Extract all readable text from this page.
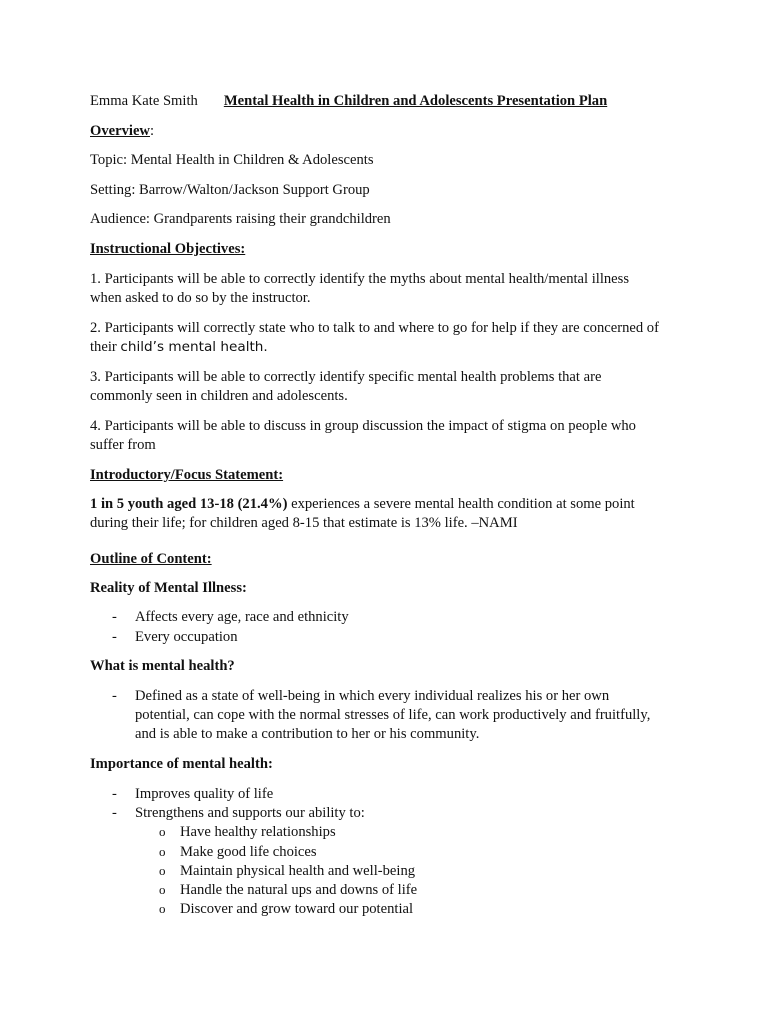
Emma Kate Smith Mental Health in Children and Adolescents Presentation Plan
Overview:
Topic: Mental Health in Children & Adolescents
Setting: Barrow/Walton/Jackson Support Group
Audience: Grandparents raising their grandchildren
Instructional Objectives:
1. Participants will be able to correctly identify the myths about mental health/mental illness
when asked to do so by the instructor.
2. Participants will correctly state who to talk to and where to go for help if they are concerned of
their child’s mental health.
3. Participants will be able to correctly identify specific mental health problems that are
commonly seen in children and adolescents.
4. Participants will be able to discuss in group discussion the impact of stigma on people who
suffer from
Introductory/Focus Statement:
1 in 5 youth aged 13-18 (21.4%) experiences a severe mental health condition at some point
during their life; for children aged 8-15 that estimate is 13% life. –NAMI
Outline of Content:
Reality of Mental Illness:
- Affects every age, race and ethnicity
- Every occupation
What is mental health?
- Defined as a state of well-being in which every individual realizes his or her own
potential, can cope with the normal stresses of life, can work productively and fruitfully,
and is able to make a contribution to her or his community.
Importance of mental health:
- Improves quality of life
- Strengthens and supports our ability to:
o Have healthy relationships
o Make good life choices
o Maintain physical health and well-being
o Handle the natural ups and downs of life
o Discover and grow toward our potential
